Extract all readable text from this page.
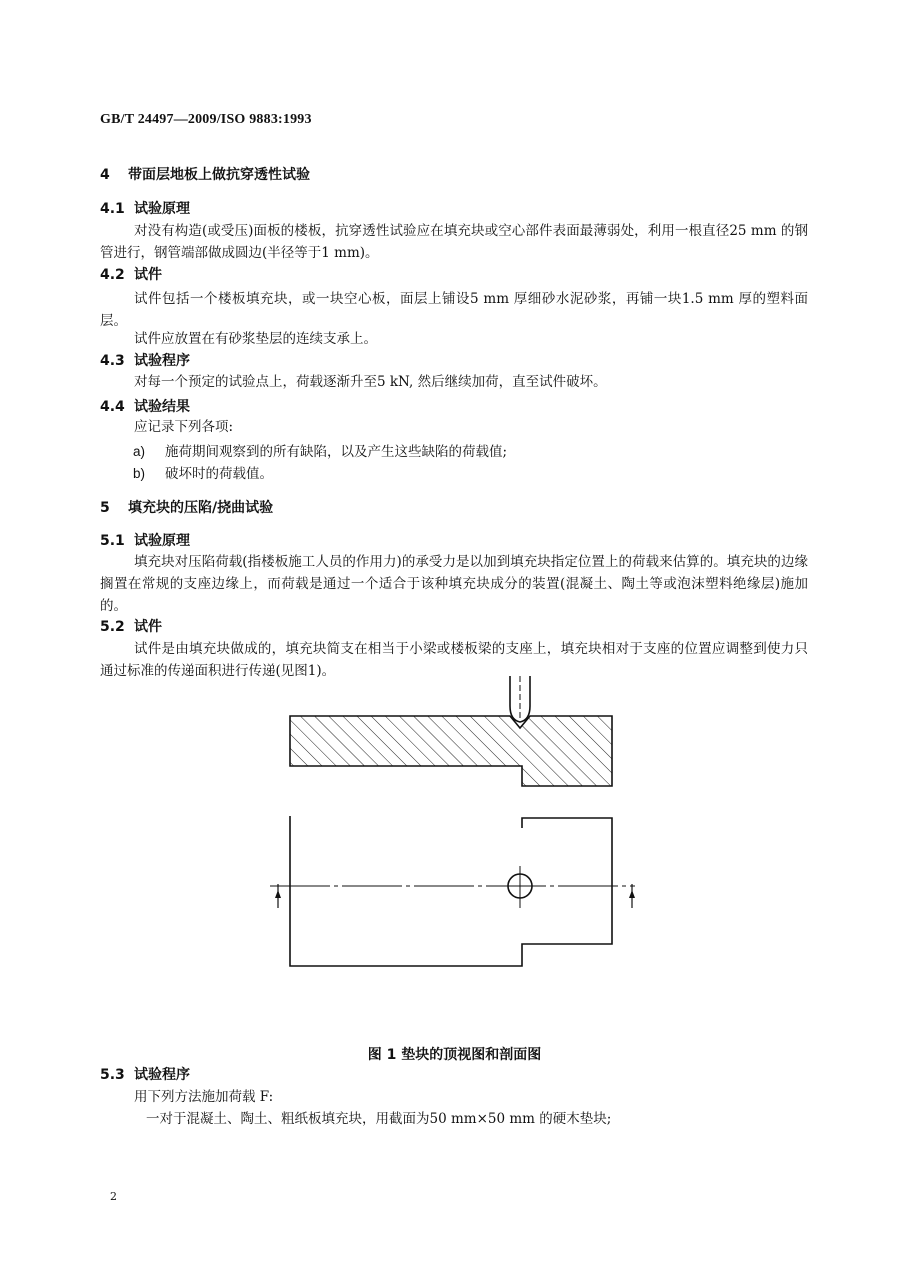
GB/T 24497—2009/ISO 9883:1993
4 带面层地板上做抗穿透性试验
4.1 试验原理
对没有构造(或受压)面板的楼板，抗穿透性试验应在填充块或空心部件表面最薄弱处，利用一根直径25 mm 的钢管进行，钢管端部做成圆边(半径等于1 mm)。
4.2 试件
试件包括一个楼板填充块，或一块空心板，面层上铺设5 mm 厚细砂水泥砂浆，再铺一块1.5 mm 厚的塑料面层。
试件应放置在有砂浆垫层的连续支承上。
4.3 试验程序
对每一个预定的试验点上，荷载逐渐升至5 kN, 然后继续加荷，直至试件破坏。
4.4 试验结果
应记录下列各项:
a) 施荷期间观察到的所有缺陷，以及产生这些缺陷的荷载值;
b) 破坏时的荷载值。
5 填充块的压陷/挠曲试验
5.1 试验原理
填充块对压陷荷载(指楼板施工人员的作用力)的承受力是以加到填充块指定位置上的荷载来估算的。填充块的边缘搁置在常规的支座边缘上，而荷载是通过一个适合于该种填充块成分的装置(混凝土、陶土等或泡沫塑料绝缘层)施加的。
5.2 试件
试件是由填充块做成的，填充块简支在相当于小梁或楼板梁的支座上，填充块相对于支座的位置应调整到使力只通过标准的传递面积进行传递(见图1)。
图 1 垫块的顶视图和剖面图
5.3 试验程序
用下列方法施加荷载 F:
一对于混凝土、陶土、粗纸板填充块，用截面为50 mm×50 mm 的硬木垫块;
2
